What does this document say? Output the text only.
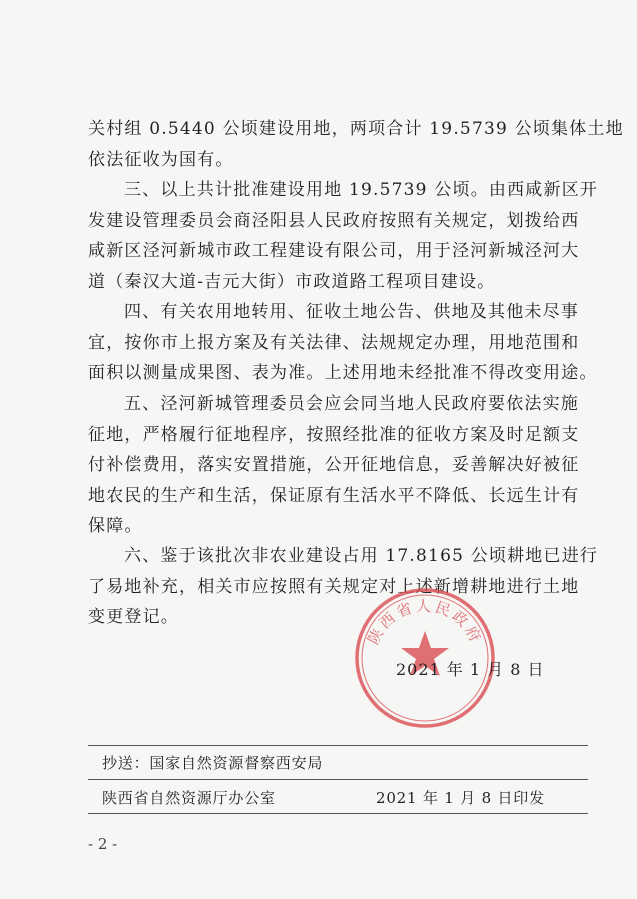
关村组 0.5440 公顷建设用地，两项合计 19.5739 公顷集体土地
依法征收为国有。
三、以上共计批准建设用地 19.5739 公顷。由西咸新区开
发建设管理委员会商泾阳县人民政府按照有关规定，划拨给西
咸新区泾河新城市政工程建设有限公司，用于泾河新城泾河大
道（秦汉大道-吉元大街）市政道路工程项目建设。
四、有关农用地转用、征收土地公告、供地及其他未尽事
宜，按你市上报方案及有关法律、法规规定办理，用地范围和
面积以测量成果图、表为准。上述用地未经批准不得改变用途。
五、泾河新城管理委员会应会同当地人民政府要依法实施
征地，严格履行征地程序，按照经批准的征收方案及时足额支
付补偿费用，落实安置措施，公开征地信息，妥善解决好被征
地农民的生产和生活，保证原有生活水平不降低、长远生计有
保障。
六、鉴于该批次非农业建设占用 17.8165 公顷耕地已进行
了易地补充，相关市应按照有关规定对上述新增耕地进行土地
变更登记。
陕西省人民政府
2021 年 1 月 8 日
抄送：国家自然资源督察西安局
陕西省自然资源厅办公室	2021 年 1 月 8 日印发
- 2 -
